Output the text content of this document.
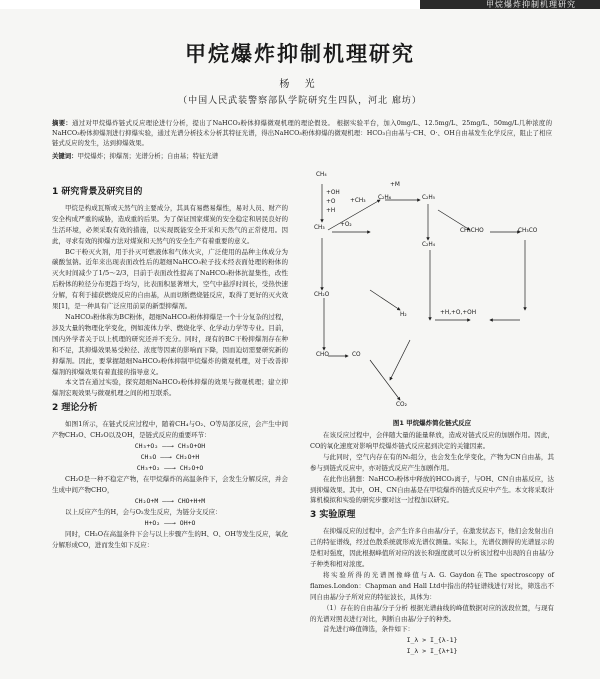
甲烷爆炸抑制机理研究
甲烷爆炸抑制机理研究
杨 光
（中国人民武装警察部队学院研究生四队，河北 廊坊）
摘要：通过对甲烷爆炸链式反应理论进行分析，提出了NaHCO₃粉体抑爆微观机理的理论假设。 根据实验平台，加入0mg/L、12.5mg/L、25mg/L、50mg/L几种浓度的NaHCO₃粉体抑爆剂进行抑爆实验，通过光谱分析技术分析其特征光谱，得出NaHCO₃粉体抑爆的微观机理：HCO₃自由基与·CH、O·、OH自由基发生化学反应，阻止了相应链式反应的发生，达到抑爆效果。
关键词：甲烷爆炸；抑爆剂；光谱分析；自由基；特征光谱
1 研究背景及研究目的

甲烷是构成瓦斯或天然气的主要成分，其具有易燃易爆性，易对人员、财产的安全构成严重的威胁，造成重的后果。为了保证国家煤炭的安全稳定和居民良好的生活环境，必须采取有效的措施，以实现既能安全开采和天然气的正常使用。因此，寻求有效的抑爆方法对煤炭和天然气的安全生产有着重要的意义。

BC干粉灭火剂，用于扑灭可燃液体和气体火灾，广泛使用的品种主体成分为碳酸氢钠。近年来出现表面改性后的超细NaHCO₃粒子技术经表面处理的粉体的灭火时间减少了1/5～2/3，目前于表面改性提高了NaHCO₃粉体抗湿集性，改性后粉体的粒径分布更趋于均匀，比表面积显著增大，空气中悬浮时间长，受热快速分解，有利于捕获燃烧反应的自由基，从而切断燃烧链反应，取得了更好的灭火效果[1]，是一种具有广泛应用前景的新型抑爆剂。

NaHCO₃粉体称为BC粉体，超细NaHCO₃粉体抑爆是一个十分复杂的过程，涉及大量的物理化学变化，例如流体力学、燃烧化学、化学动力学等专业。目前，国内外学者关于以上机理的研究还并不充分。同时，现有的BC干粉抑爆剂存在种和不足，其抑爆效果易受粒径、浓度等因素的影响而下降，因而迫切需要研究新的抑爆剂。因此，要掌握超细NaHCO₃粉体抑制甲烷爆炸的微观机理，对于改善抑爆剂的抑爆效果有着直接的指导意义。

本文旨在通过实验，探究超细NaHCO₃粉体抑爆的效果与微观机理；建立抑爆剂宏观效果与微观机理之间的相互联系。

2 理论分析

如图1所示，在链式反应过程中，随着CH₄与O₂、O等局部反应，会产生中间产物CH₃O、CH₂O以及OH，是链式反应的重要环节：

CH₃+O₂ ——→ CH₃O+OH
CH₃O ——→ CH₂O+H
CH₃+O₂ ——→ CH₂O+O

CH₂O是一种不稳定产物，在甲烷爆炸的高温条件下，会发生分解反应，并会生成中间产物CHO，

CH₂O+M ——→ CHO+H+M

以上反应产生的H，会与O₂发生反应，为链分支反应：

H+O₂ ——→ OH+O

同时，CH₂O在高温条件下会与以上步骤产生的H、O、OH等发生反应，氧化分解形成CO，进而发生如下反应：

CH₄
+OH
+O
+H
CH₃	+O₂
+M
+CH₃
CH₂O
C₂H₆	C₂H₅
C₂H₄
CH₃CHO	CH₃CO
CHO	CO
CO₂
+H,+O,+OH
H₂
图1 甲烷爆炸简化链式反应

在该反应过程中，会伴随大量的能量释放，造成对链式反应的加剧作用。因此，CO的氧化速度对影响甲烷爆炸链式反应起到决定的关键因素。

与此同时，空气内存在有的N₂组分，也会发生化学变化，产物为CN自由基，其参与到链式反应中，亦对链式反应产生加剧作用。

在此作出猜想：NaHCO₃粉体中释放的HCO₃离子，与OH、CN自由基反应，达到抑爆效果。其中，OH、CN自由基是在甲烷爆炸的链式反应中产生。本文将采取计算机模拟和实验的研究步骤对这一过程加以研究。

3 实验原理

在抑爆反应的过程中，会产生许多自由基/分子，在激发状态下，他们会发射出自己的特征谱线，经过色散系统就形成光谱仪测量。实际上，光谱仪测得的光谱显示的是相对强度，因此根据峰值所对应的波长和强度就可以分析该过程中出现的自由基/分子种类和相对浓度。

将实验所得的光谱图像峰值与A. G. Gaydon在The spectroscopy of flames.London：Chapman and Hall Ltd中指出的特征谱线进行对比，筛选出不同自由基/分子所对应的特征波长，具体为：

（1）存在的自由基/分子分析 根据光谱曲线的峰值数据对应的波段位置，与现有的光谱对照表进行对比，判断自由基/分子的种类。

首先进行峰值筛选，条件如下：

I_λ > I_{λ-1}
I_λ > I_{λ+1}
